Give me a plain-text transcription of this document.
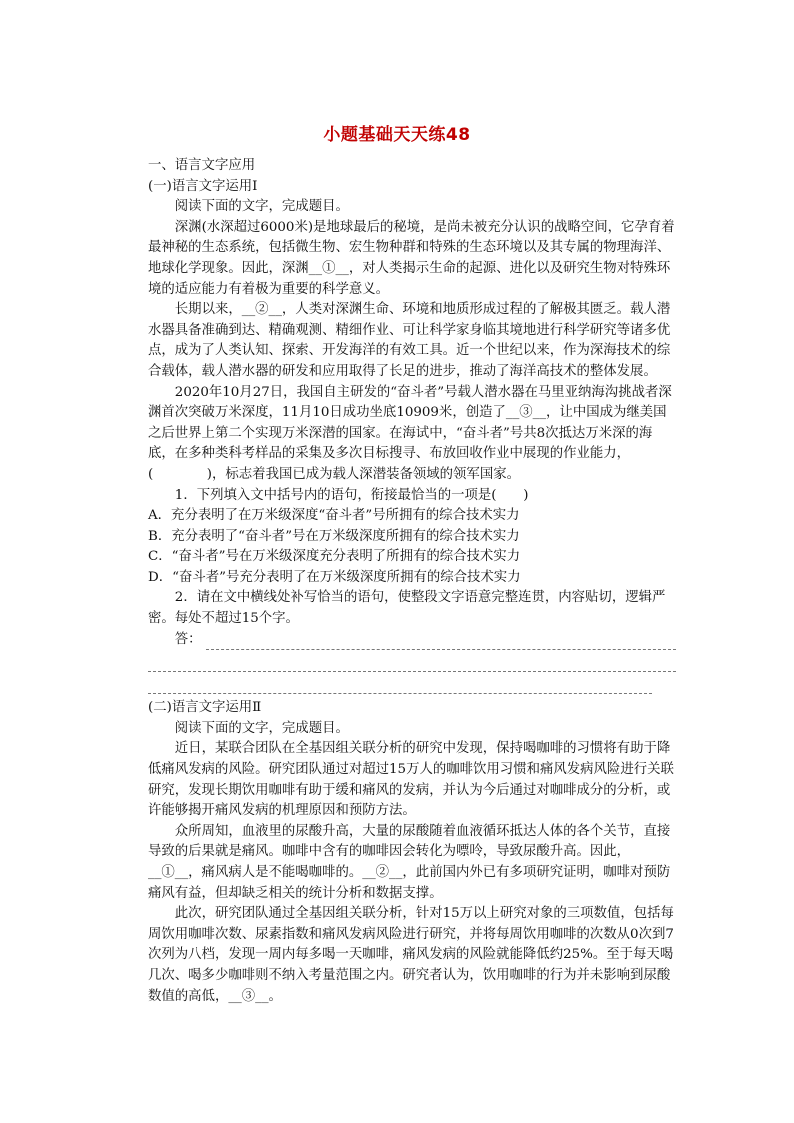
小题基础天天练48

一、语言文字应用

(一)语言文字运用Ⅰ

阅读下面的文字，完成题目。

深渊(水深超过6000米)是地球最后的秘境，是尚未被充分认识的战略空间，它孕育着最神秘的生态系统，包括微生物、宏生物种群和特殊的生态环境以及其专属的物理海洋、地球化学现象。因此，深渊__①__，对人类揭示生命的起源、进化以及研究生物对特殊环境的适应能力有着极为重要的科学意义。

长期以来，__②__，人类对深渊生命、环境和地质形成过程的了解极其匮乏。载人潜水器具备准确到达、精确观测、精细作业、可让科学家身临其境地进行科学研究等诸多优点，成为了人类认知、探索、开发海洋的有效工具。近一个世纪以来，作为深海技术的综合载体，载人潜水器的研发和应用取得了长足的进步，推动了海洋高技术的整体发展。

2020年10月27日，我国自主研发的“奋斗者”号载人潜水器在马里亚纳海沟挑战者深渊首次突破万米深度，11月10日成功坐底10909米，创造了__③__，让中国成为继美国之后世界上第二个实现万米深潜的国家。在海试中，“奋斗者”号共8次抵达万米深的海底，在多种类科考样品的采集及多次目标搜寻、布放回收作业中展现的作业能力，(　　　　)，标志着我国已成为载人深潜装备领域的领军国家。

1．下列填入文中括号内的语句，衔接最恰当的一项是(　　)

A．充分表明了在万米级深度“奋斗者”号所拥有的综合技术实力

B．充分表明了“奋斗者”号在万米级深度所拥有的综合技术实力

C．“奋斗者”号在万米级深度充分表明了所拥有的综合技术实力

D．“奋斗者”号充分表明了在万米级深度所拥有的综合技术实力

2．请在文中横线处补写恰当的语句，使整段文字语意完整连贯，内容贴切，逻辑严密。每处不超过15个字。

答：

(二)语言文字运用Ⅱ

阅读下面的文字，完成题目。

近日，某联合团队在全基因组关联分析的研究中发现，保持喝咖啡的习惯将有助于降低痛风发病的风险。研究团队通过对超过15万人的咖啡饮用习惯和痛风发病风险进行关联研究，发现长期饮用咖啡有助于缓和痛风的发病，并认为今后通过对咖啡成分的分析，或许能够揭开痛风发病的机理原因和预防方法。

众所周知，血液里的尿酸升高，大量的尿酸随着血液循环抵达人体的各个关节，直接导致的后果就是痛风。咖啡中含有的咖啡因会转化为嘌呤，导致尿酸升高。因此，__①__，痛风病人是不能喝咖啡的。__②__，此前国内外已有多项研究证明，咖啡对预防痛风有益，但却缺乏相关的统计分析和数据支撑。

此次，研究团队通过全基因组关联分析，针对15万以上研究对象的三项数值，包括每周饮用咖啡次数、尿素指数和痛风发病风险进行研究，并将每周饮用咖啡的次数从0次到7次列为八档，发现一周内每多喝一天咖啡，痛风发病的风险就能降低约25%。至于每天喝几次、喝多少咖啡则不纳入考量范围之内。研究者认为，饮用咖啡的行为并未影响到尿酸数值的高低，__③__。
